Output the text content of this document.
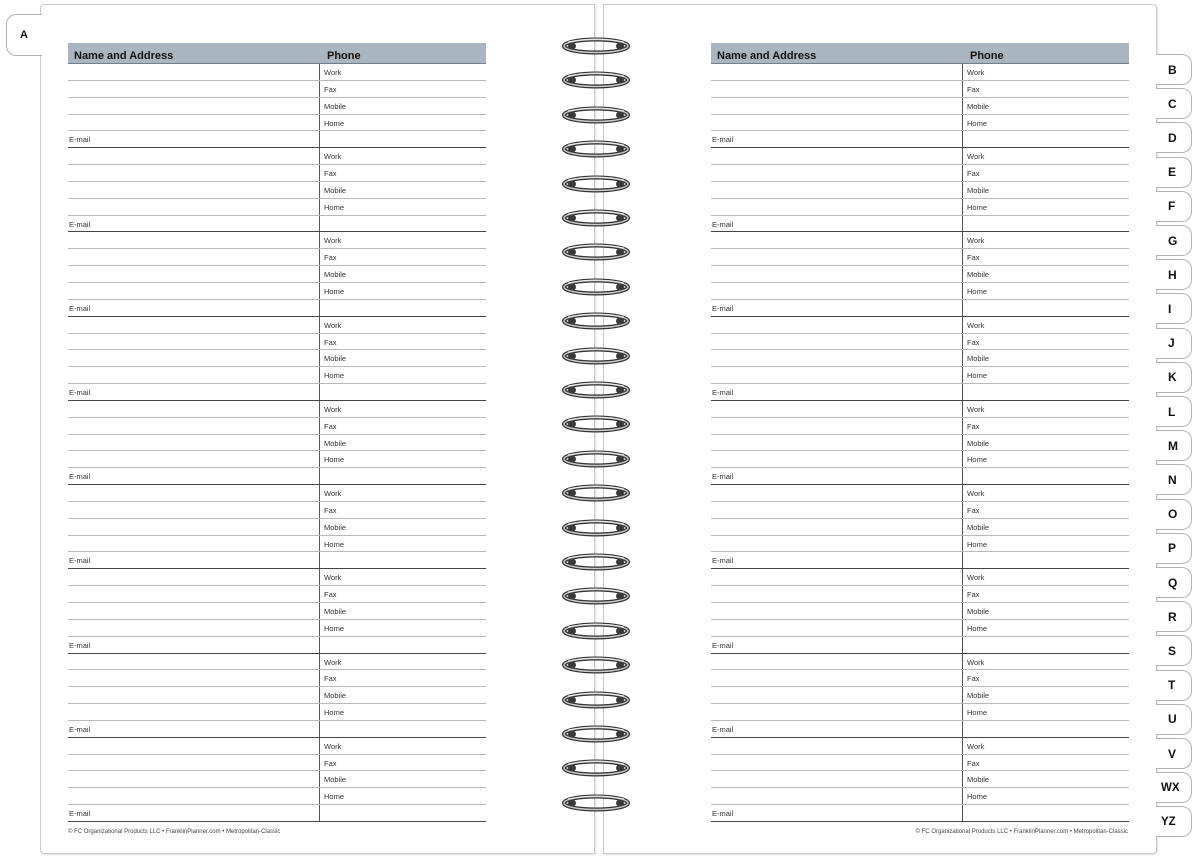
Name and Address	Phone
Work
Fax
Mobile
Home
E-mail
Work
Fax
Mobile
Home
E-mail
Work
Fax
Mobile
Home
E-mail
Work
Fax
Mobile
Home
E-mail
Work
Fax
Mobile
Home
E-mail
Work
Fax
Mobile
Home
E-mail
Work
Fax
Mobile
Home
E-mail
Work
Fax
Mobile
Home
E-mail
Work
Fax
Mobile
Home
E-mail
© FC Organizational Products LLC • FranklinPlanner.com • Metropolitan-Classic
Name and Address	Phone
Work
Fax
Mobile
Home
E-mail
Work
Fax
Mobile
Home
E-mail
Work
Fax
Mobile
Home
E-mail
Work
Fax
Mobile
Home
E-mail
Work
Fax
Mobile
Home
E-mail
Work
Fax
Mobile
Home
E-mail
Work
Fax
Mobile
Home
E-mail
Work
Fax
Mobile
Home
E-mail
Work
Fax
Mobile
Home
E-mail
© FC Organizational Products LLC • FranklinPlanner.com • Metropolitan-Classic
A
B
C
D
E
F
G
H
I
J
K
L
M
N
O
P
Q
R
S
T
U
V
WX
YZ
